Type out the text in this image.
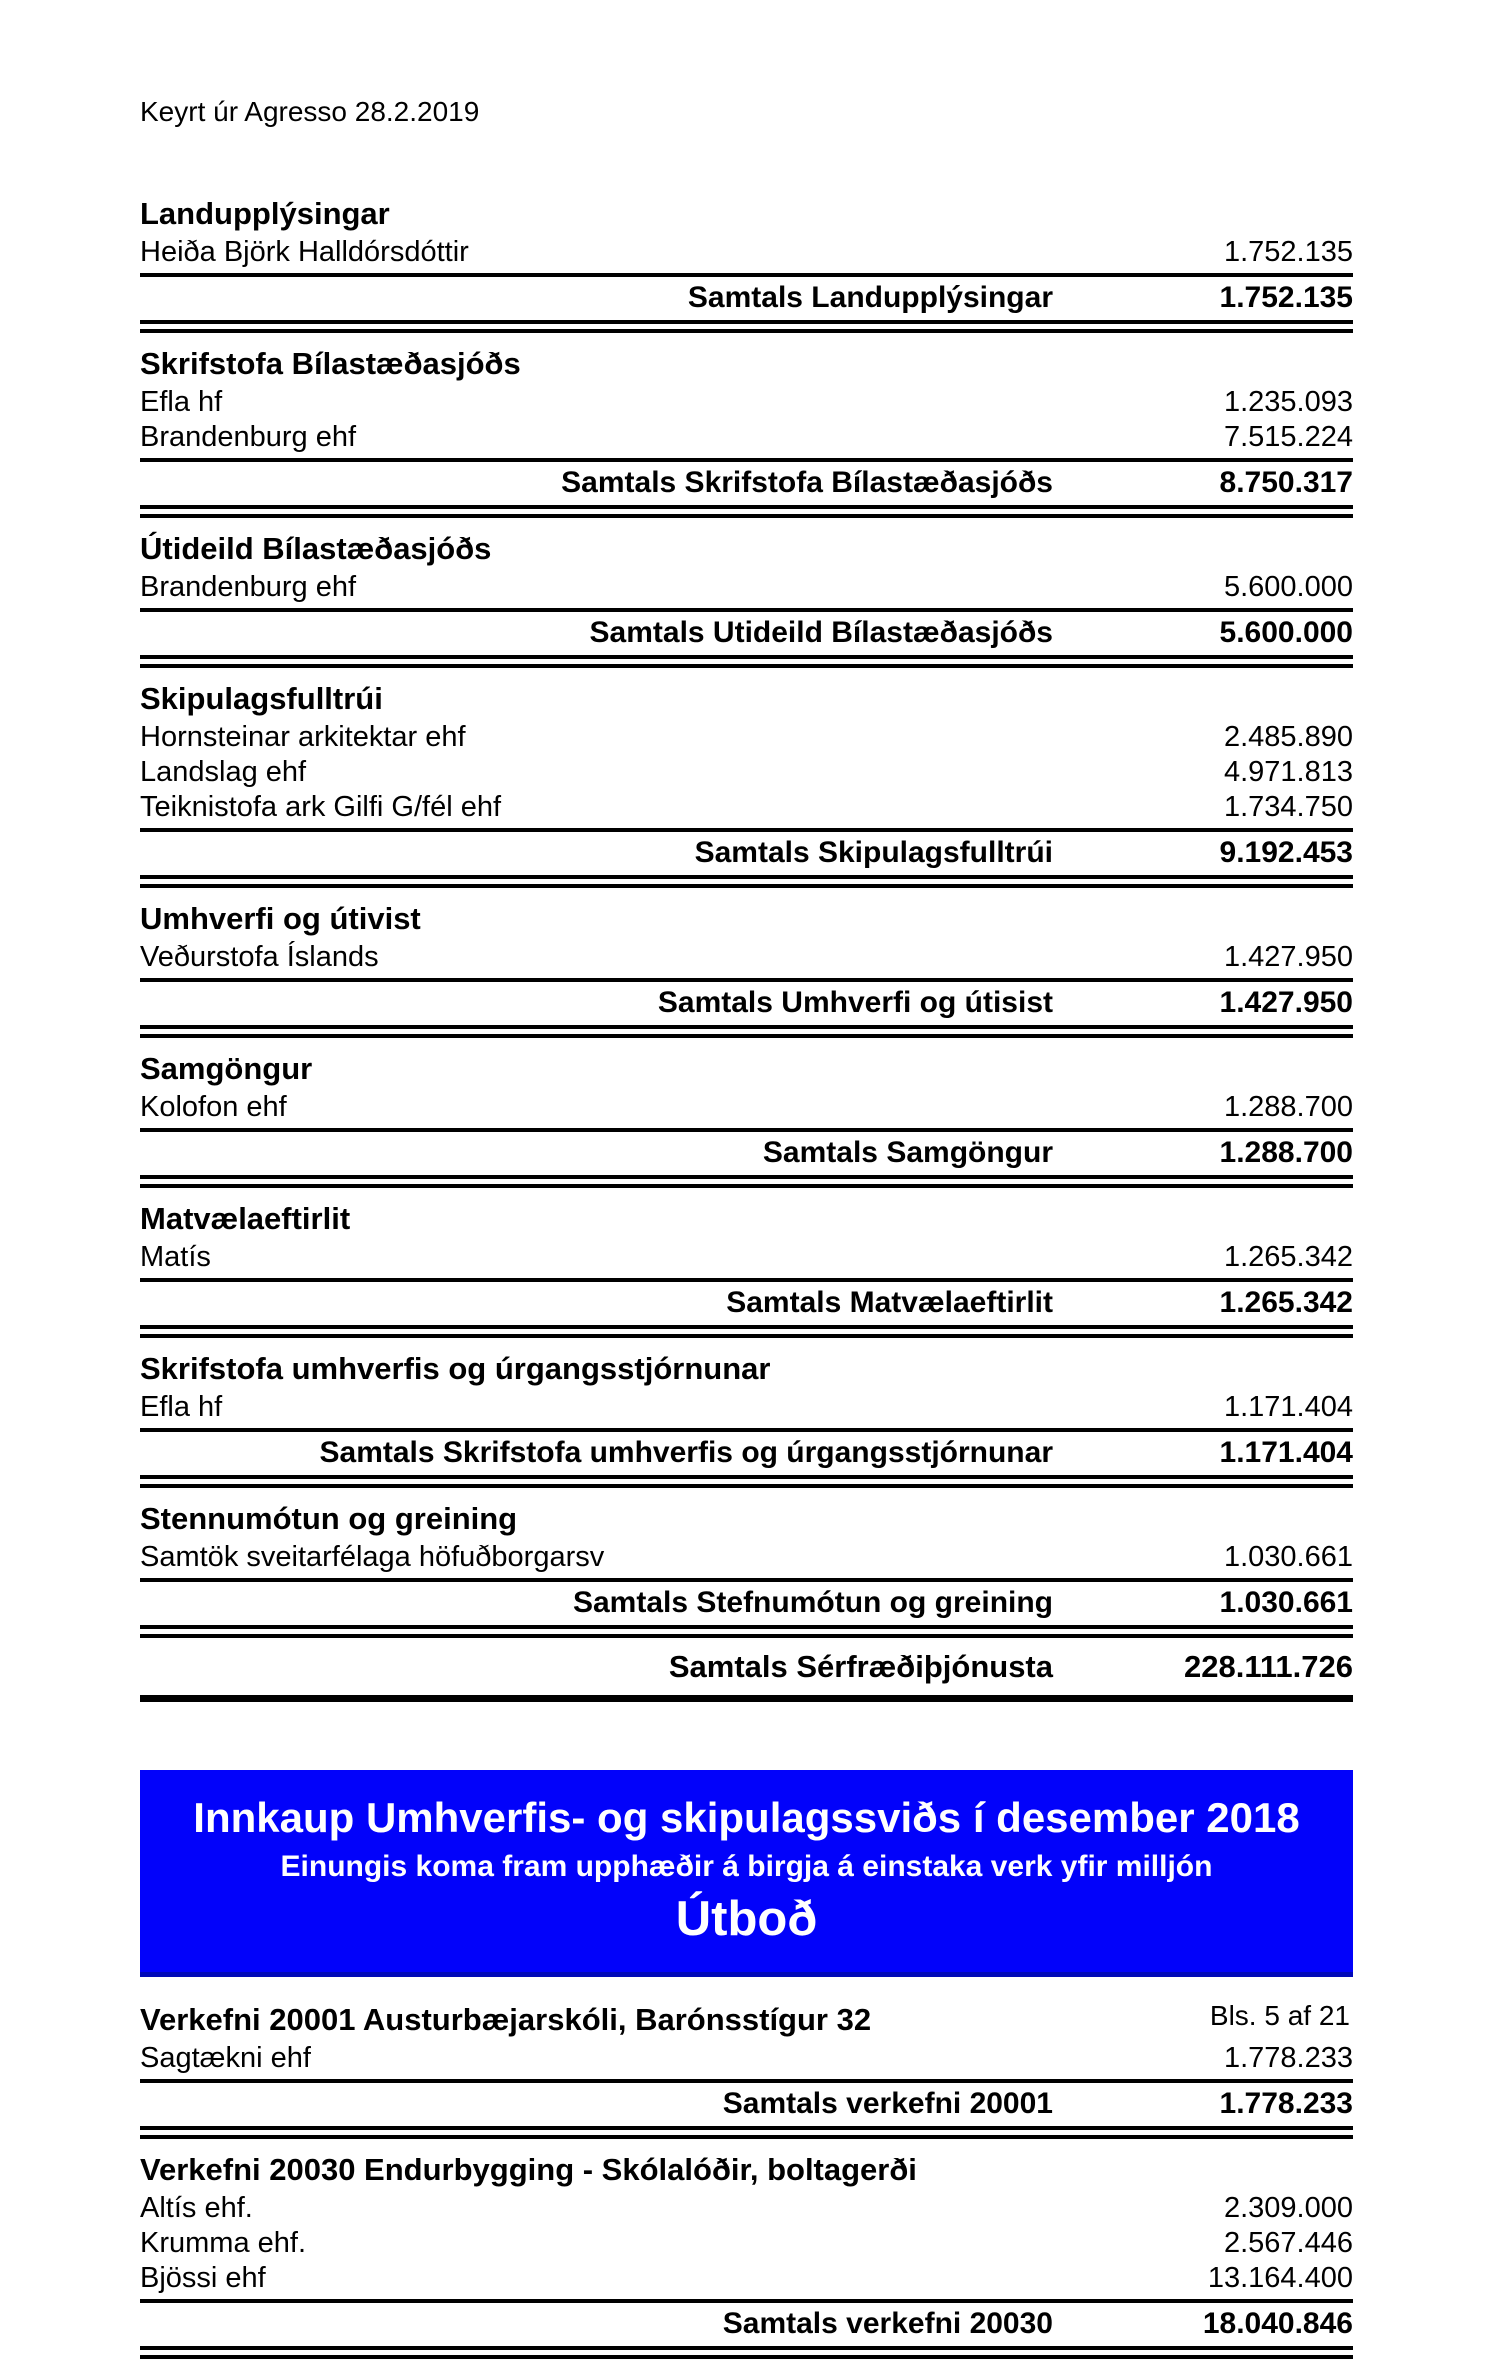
Keyrt úr Agresso 28.2.2019
Landupplýsingar
Heiða Björk Halldórsdóttir	1.752.135
Samtals Landupplýsingar	1.752.135
Skrifstofa Bílastæðasjóðs
Efla hf	1.235.093
Brandenburg ehf	7.515.224
Samtals Skrifstofa Bílastæðasjóðs	8.750.317
Útideild Bílastæðasjóðs
Brandenburg ehf	5.600.000
Samtals Utideild Bílastæðasjóðs	5.600.000
Skipulagsfulltrúi
Hornsteinar arkitektar ehf	2.485.890
Landslag ehf	4.971.813
Teiknistofa ark Gilfi G/fél ehf	1.734.750
Samtals Skipulagsfulltrúi	9.192.453
Umhverfi og útivist
Veðurstofa Íslands	1.427.950
Samtals Umhverfi og útisist	1.427.950
Samgöngur
Kolofon ehf	1.288.700
Samtals Samgöngur	1.288.700
Matvælaeftirlit
Matís	1.265.342
Samtals Matvælaeftirlit	1.265.342
Skrifstofa umhverfis og úrgangsstjórnunar
Efla hf	1.171.404
Samtals Skrifstofa umhverfis og úrgangsstjórnunar	1.171.404
Stennumótun og greining
Samtök sveitarfélaga höfuðborgarsv	1.030.661
Samtals Stefnumótun og greining	1.030.661
Samtals Sérfræðiþjónusta	228.111.726
Innkaup Umhverfis- og skipulagssviðs í desember 2018
Einungis koma fram upphæðir á birgja á einstaka verk yfir milljón
Útboð
Verkefni 20001 Austurbæjarskóli, Barónsstígur 32
Sagtækni ehf	1.778.233
Samtals verkefni 20001	1.778.233
Verkefni 20030 Endurbygging - Skólalóðir, boltagerði
Altís ehf.	2.309.000
Krumma ehf.	2.567.446
Bjössi ehf	13.164.400
Samtals verkefni 20030	18.040.846
Bls. 5 af 21
